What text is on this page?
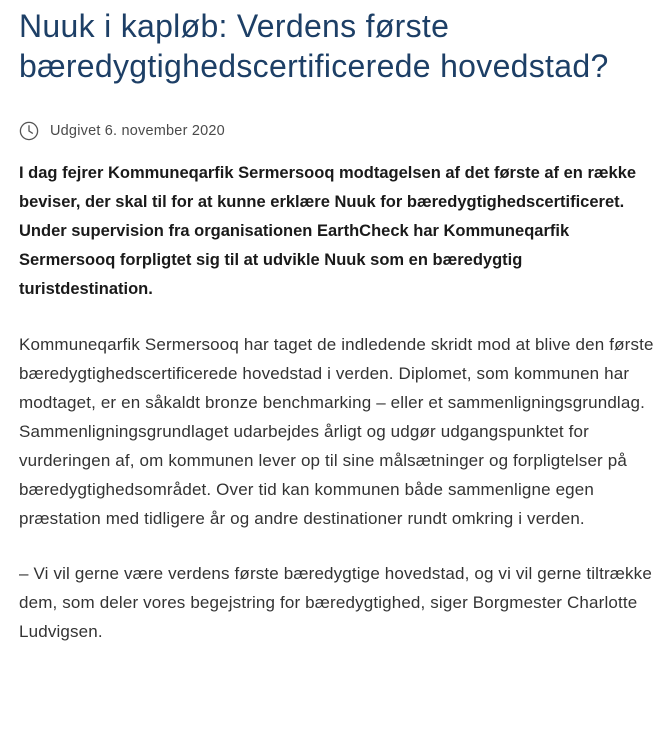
Nuuk i kapløb: Verdens første bæredygtighedscertificerede hovedstad?
Udgivet 6. november 2020

I dag fejrer Kommuneqarfik Sermersooq modtagelsen af det første af en række beviser, der skal til for at kunne erklære Nuuk for bæredygtighedscertificeret. Under supervision fra organisationen EarthCheck har Kommuneqarfik Sermersooq forpligtet sig til at udvikle Nuuk som en bæredygtig turistdestination.

Kommuneqarfik Sermersooq har taget de indledende skridt mod at blive den første bæredygtighedscertificerede hovedstad i verden. Diplomet, som kommunen har modtaget, er en såkaldt bronze benchmarking – eller et sammenligningsgrundlag. Sammenligningsgrundlaget udarbejdes årligt og udgør udgangspunktet for vurderingen af, om kommunen lever op til sine målsætninger og forpligtelser på bæredygtighedsområdet. Over tid kan kommunen både sammenligne egen præstation med tidligere år og andre destinationer rundt omkring i verden.

– Vi vil gerne være verdens første bæredygtige hovedstad, og vi vil gerne tiltrække dem, som deler vores begejstring for bæredygtighed, siger Borgmester Charlotte Ludvigsen.
